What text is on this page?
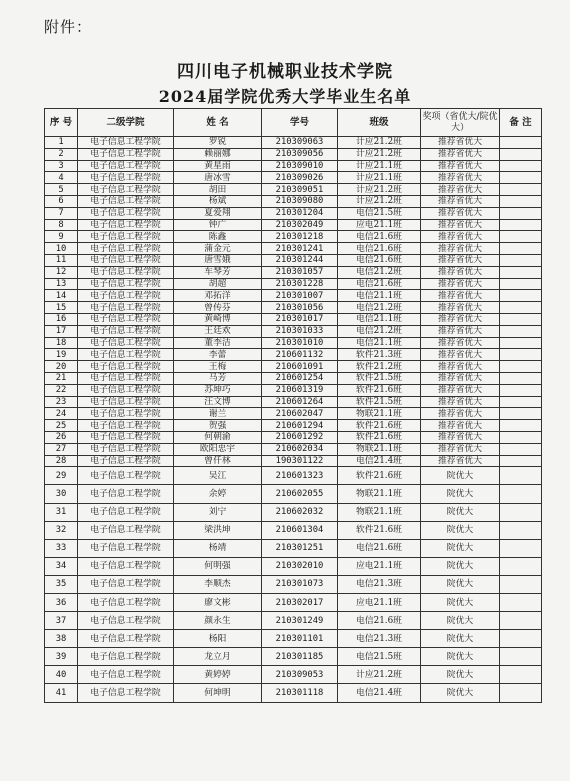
附件：
四川电子机械职业技术学院
2024届学院优秀大学毕业生名单
序 号	二级学院	姓 名	学号	班级	奖项（省优大/院优大）	备 注
1	电子信息工程学院	罗锐	210309063	计应21.2班	推荐省优大	
2	电子信息工程学院	赖丽娜	210309056	计应21.2班	推荐省优大	
3	电子信息工程学院	黄星雨	210309010	计应21.1班	推荐省优大	
4	电子信息工程学院	唐冰雪	210309026	计应21.1班	推荐省优大	
5	电子信息工程学院	胡田	210309051	计应21.2班	推荐省优大	
6	电子信息工程学院	杨斌	210309080	计应21.2班	推荐省优大	
7	电子信息工程学院	夏爱翔	210301204	电信21.5班	推荐省优大	
8	电子信息工程学院	钟广	210302049	应电21.1班	推荐省优大	
9	电子信息工程学院	陈鑫	210301218	电信21.6班	推荐省优大	
10	电子信息工程学院	蒲金元	210301241	电信21.6班	推荐省优大	
11	电子信息工程学院	唐雪娥	210301244	电信21.6班	推荐省优大	
12	电子信息工程学院	车琴芳	210301057	电信21.2班	推荐省优大	
13	电子信息工程学院	胡超	210301228	电信21.6班	推荐省优大	
14	电子信息工程学院	邓拓洋	210301007	电信21.1班	推荐省优大	
15	电子信息工程学院	曾传芬	210301056	电信21.2班	推荐省优大	
16	电子信息工程学院	黄崎博	210301017	电信21.1班	推荐省优大	
17	电子信息工程学院	王廷欢	210301033	电信21.2班	推荐省优大	
18	电子信息工程学院	董李洁	210301010	电信21.1班	推荐省优大	
19	电子信息工程学院	李蕾	210601132	软件21.3班	推荐省优大	
20	电子信息工程学院	王梅	210601091	软件21.2班	推荐省优大	
21	电子信息工程学院	马芳	210601254	软件21.5班	推荐省优大	
22	电子信息工程学院	苏坤巧	210601319	软件21.6班	推荐省优大	
23	电子信息工程学院	汪文博	210601264	软件21.5班	推荐省优大	
24	电子信息工程学院	谢兰	210602047	物联21.1班	推荐省优大	
25	电子信息工程学院	贺强	210601294	软件21.6班	推荐省优大	
26	电子信息工程学院	何朝渝	210601292	软件21.6班	推荐省优大	
27	电子信息工程学院	欧阳忠宇	210602034	物联21.1班	推荐省优大	
28	电子信息工程学院	曾仟林	190301122	电信21.4班	推荐省优大	
29	电子信息工程学院	吴江	210601323	软件21.6班	院优大	
30	电子信息工程学院	余婷	210602055	物联21.1班	院优大	
31	电子信息工程学院	刘宁	210602032	物联21.1班	院优大	
32	电子信息工程学院	梁洪坤	210601304	软件21.6班	院优大	
33	电子信息工程学院	杨靖	210301251	电信21.6班	院优大	
34	电子信息工程学院	何明强	210302010	应电21.1班	院优大	
35	电子信息工程学院	李顺杰	210301073	电信21.3班	院优大	
36	电子信息工程学院	廖文彬	210302017	应电21.1班	院优大	
37	电子信息工程学院	颜永生	210301249	电信21.6班	院优大	
38	电子信息工程学院	杨阳	210301101	电信21.3班	院优大	
39	电子信息工程学院	龙立月	210301185	电信21.5班	院优大	
40	电子信息工程学院	黄婷婷	210309053	计应21.2班	院优大	
41	电子信息工程学院	何坤明	210301118	电信21.4班	院优大	
